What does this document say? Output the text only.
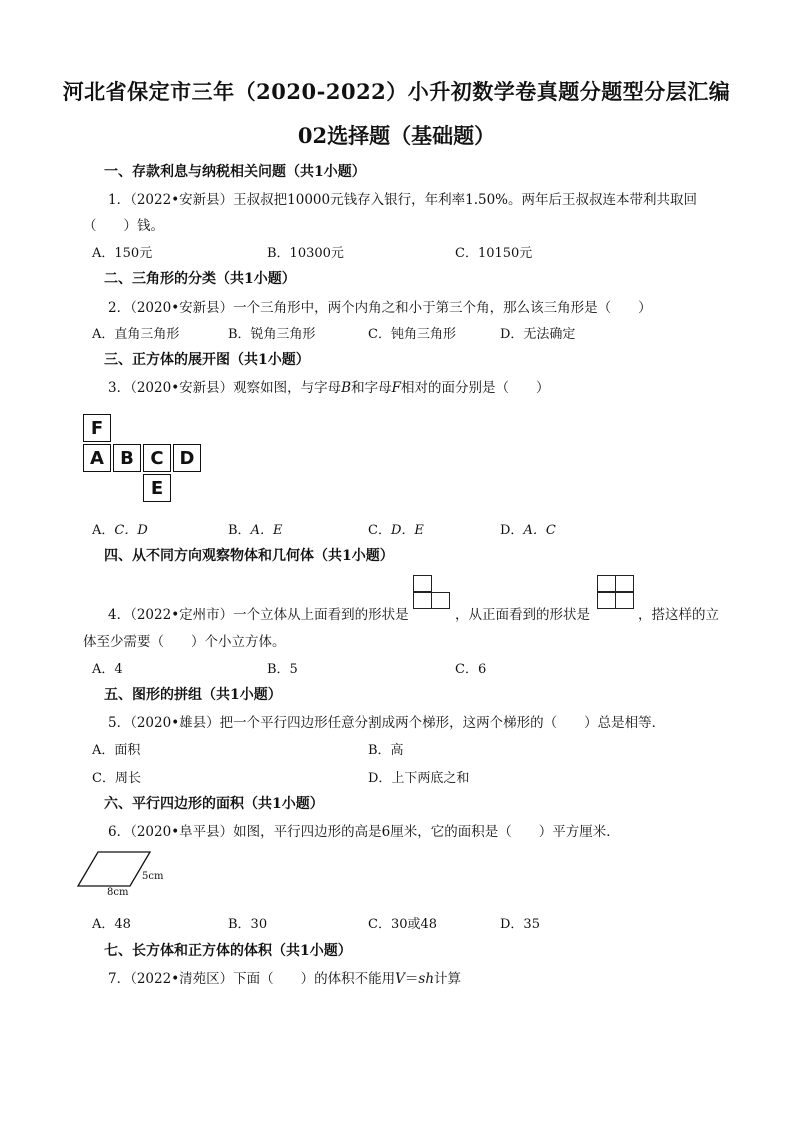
河北省保定市三年（2020-2022）小升初数学卷真题分题型分层汇编
02选择题（基础题）
一、存款利息与纳税相关问题（共1小题）
1．（2022•安新县）王叔叔把10000元钱存入银行，年利率1.50%。两年后王叔叔连本带利共取回
（　　）钱。
A．150元	B．10300元	C．10150元
二、三角形的分类（共1小题）
2．（2020•安新县）一个三角形中，两个内角之和小于第三个角，那么该三角形是（　　）
A．直角三角形	B．锐角三角形	C．钝角三角形	D．无法确定
三、正方体的展开图（共1小题）
3．（2020•安新县）观察如图，与字母B和字母F相对的面分别是（　　）
F
A B C D
E
A．C．D	B．A．E	C．D．E	D．A．C
四、从不同方向观察物体和几何体（共1小题）
4．（2022•定州市）一个立体从上面看到的形状是	，从正面看到的形状是	，搭这样的立
体至少需要（　　）个小立方体。
A．4	B．5	C．6
五、图形的拼组（共1小题）
5．（2020•雄县）把一个平行四边形任意分割成两个梯形，这两个梯形的（　　）总是相等．
A．面积	B．高
C．周长	D．上下两底之和
六、平行四边形的面积（共1小题）
6．（2020•阜平县）如图，平行四边形的高是6厘米，它的面积是（　　）平方厘米．
5cm
8cm
A．48	B．30	C．30或48	D．35
七、长方体和正方体的体积（共1小题）
7．（2022•清苑区）下面（　　）的体积不能用V＝sh计算
